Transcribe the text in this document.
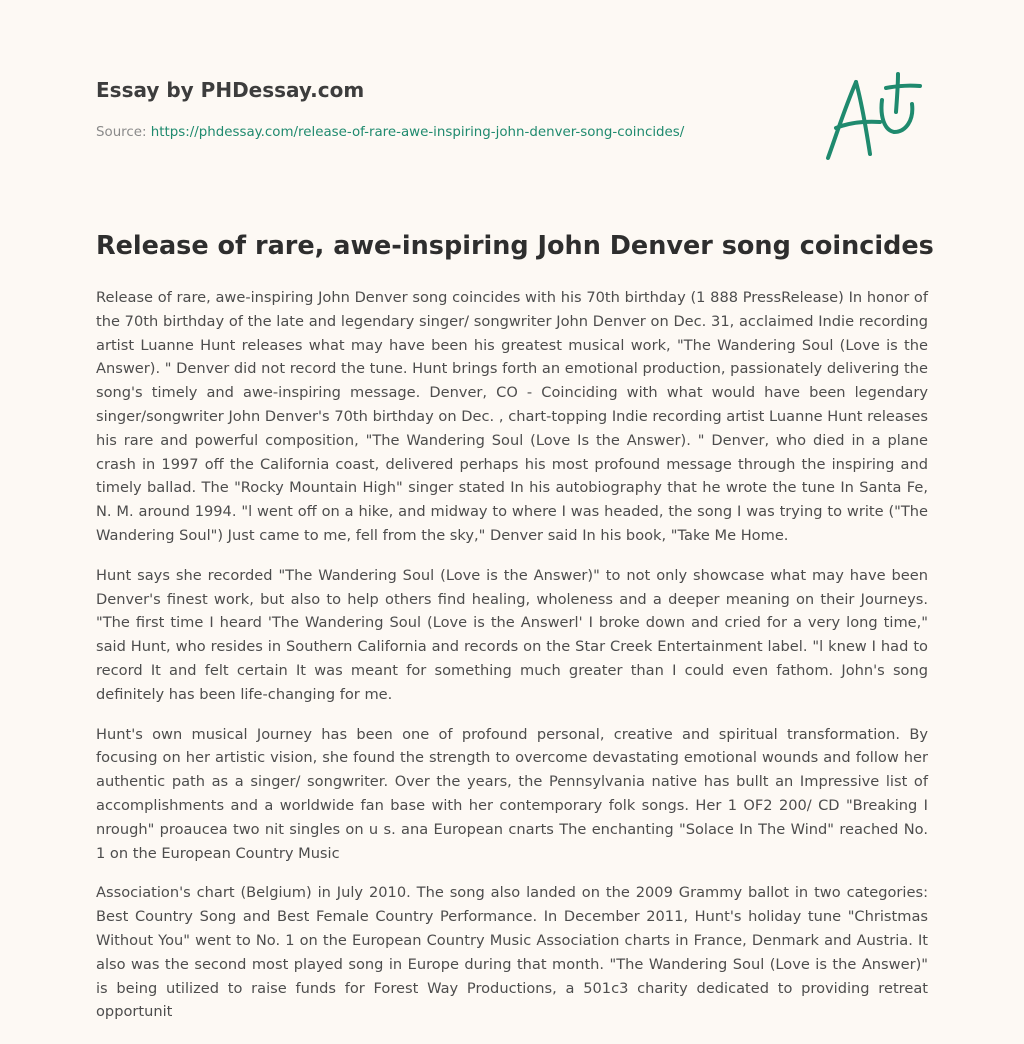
Essay by PHDessay.com
Source: https://phdessay.com/release-of-rare-awe-inspiring-john-denver-song-coincides/
Release of rare, awe-inspiring John Denver song coincides

Release of rare, awe-inspiring John Denver song coincides with his 70th birthday (1 888 PressRelease) In honor of the 70th birthday of the late and legendary singer/ songwriter John Denver on Dec. 31, acclaimed Indie recording artist Luanne Hunt releases what may have been his greatest musical work, "The Wandering Soul (Love is the Answer). " Denver did not record the tune. Hunt brings forth an emotional production, passionately delivering the song's timely and awe-inspiring message. Denver, CO - Coinciding with what would have been legendary singer/songwriter John Denver's 70th birthday on Dec. , chart-topping Indie recording artist Luanne Hunt releases his rare and powerful composition, "The Wandering Soul (Love Is the Answer). " Denver, who died in a plane crash in 1997 off the California coast, delivered perhaps his most profound message through the inspiring and timely ballad. The "Rocky Mountain High" singer stated In his autobiography that he wrote the tune In Santa Fe, N. M. around 1994. "l went off on a hike, and midway to where I was headed, the song I was trying to write ("The Wandering Soul") Just came to me, fell from the sky," Denver said In his book, "Take Me Home.

Hunt says she recorded "The Wandering Soul (Love is the Answer)" to not only showcase what may have been Denver's finest work, but also to help others find healing, wholeness and a deeper meaning on their Journeys. "The first time I heard 'The Wandering Soul (Love is the Answerl' I broke down and cried for a very long time," said Hunt, who resides in Southern California and records on the Star Creek Entertainment label. "l knew I had to record It and felt certain It was meant for something much greater than I could even fathom. John's song definitely has been life-changing for me.

Hunt's own musical Journey has been one of profound personal, creative and spiritual transformation. By focusing on her artistic vision, she found the strength to overcome devastating emotional wounds and follow her authentic path as a singer/ songwriter. Over the years, the Pennsylvania native has bullt an Impressive list of accomplishments and a worldwide fan base with her contemporary folk songs. Her 1 OF2 200/ CD "Breaking I nrough" proaucea two nit singles on u s. ana European cnarts The enchanting "Solace In The Wind" reached No. 1 on the European Country Music

Association's chart (Belgium) in July 2010. The song also landed on the 2009 Grammy ballot in two categories: Best Country Song and Best Female Country Performance. In December 2011, Hunt's holiday tune "Christmas Without You" went to No. 1 on the European Country Music Association charts in France, Denmark and Austria. It also was the second most played song in Europe during that month. "The Wandering Soul (Love is the Answer)" is being utilized to raise funds for Forest Way Productions, a 501c3 charity dedicated to providing retreat opportunit
